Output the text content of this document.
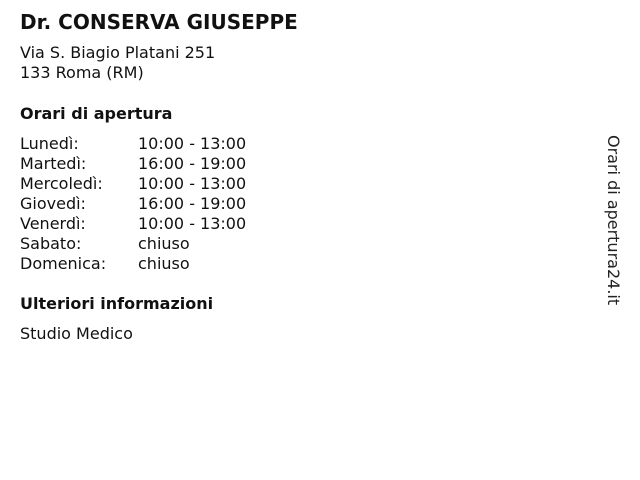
Dr. CONSERVA GIUSEPPE
Via S. Biagio Platani 251
133 Roma (RM)
Orari di apertura
Lunedì:	10:00 - 13:00
Martedì:	16:00 - 19:00
Mercoledì: 10:00 - 13:00
Giovedì:	16:00 - 19:00
Venerdì:	10:00 - 13:00
Sabato:	chiuso
Domenica: chiuso
Ulteriori informazioni
Studio Medico
Orari di apertura24.it
